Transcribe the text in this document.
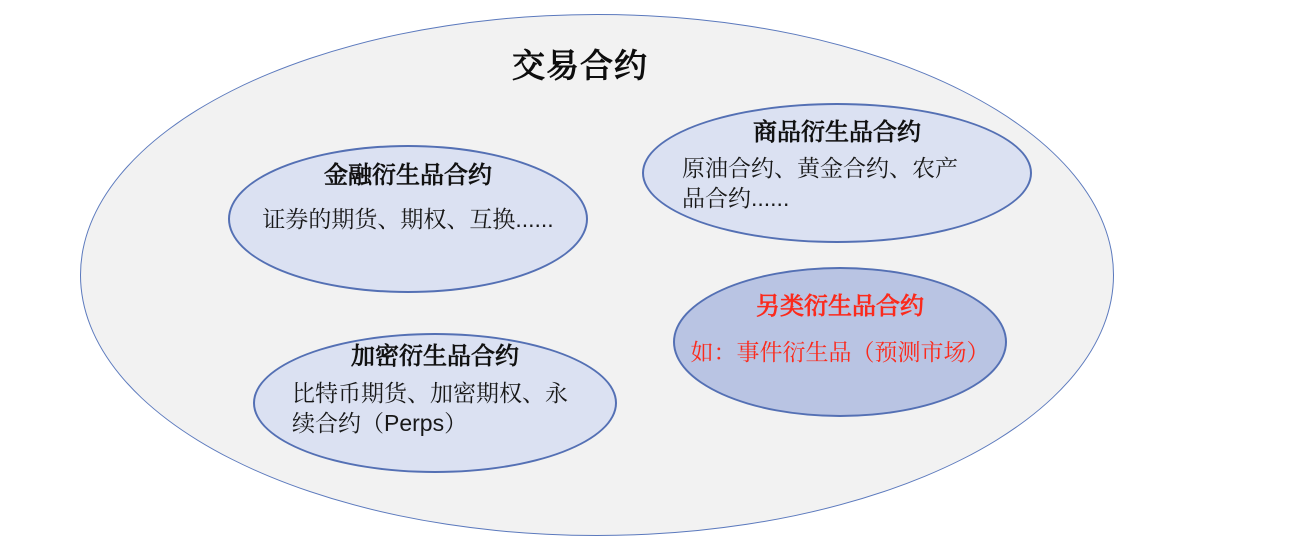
交易合约
金融衍生品合约
证券的期货、期权、互换......
商品衍生品合约
原油合约、黄金合约、农产
品合约......
加密衍生品合约
比特币期货、加密期权、永
续合约（Perps）
另类衍生品合约
如：事件衍生品（预测市场）
